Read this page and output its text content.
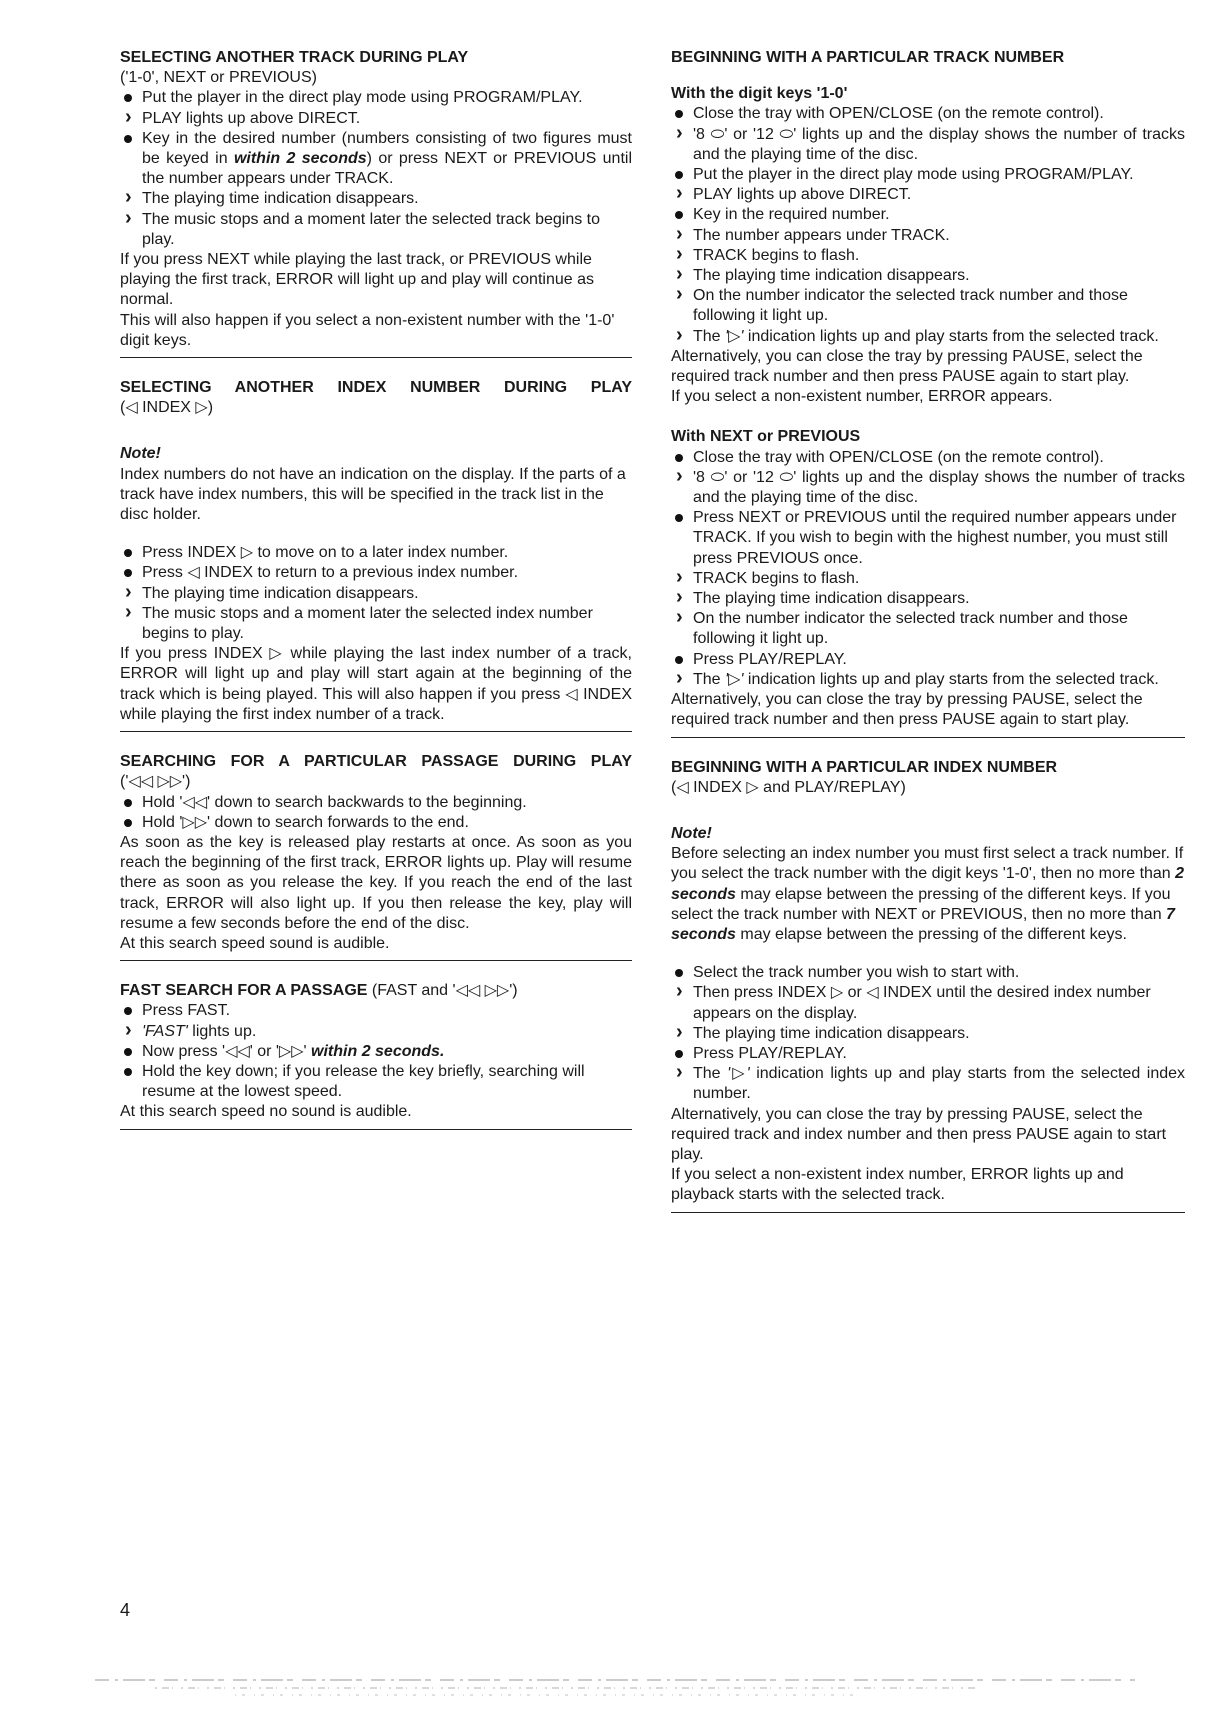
SELECTING ANOTHER TRACK DURING PLAY

('1-0', NEXT or PREVIOUS)

Put the player in the direct play mode using PROGRAM/PLAY.
PLAY lights up above DIRECT.
Key in the desired number (numbers consisting of two figures must be keyed in within 2 seconds) or press NEXT or PREVIOUS until the number appears under TRACK.
The playing time indication disappears.
The music stops and a moment later the selected track begins to play.

If you press NEXT while playing the last track, or PREVIOUS while playing the first track, ERROR will light up and play will continue as normal.

This will also happen if you select a non-existent number with the '1-0' digit keys.

SELECTING ANOTHER INDEX NUMBER DURING PLAY

(◁ INDEX ▷)

Note!

Index numbers do not have an indication on the display. If the parts of a track have index numbers, this will be specified in the track list in the disc holder.

Press INDEX ▷ to move on to a later index number.
Press ◁ INDEX to return to a previous index number.
The playing time indication disappears.
The music stops and a moment later the selected index number begins to play.

If you press INDEX ▷ while playing the last index number of a track, ERROR will light up and play will start again at the beginning of the track which is being played. This will also happen if you press ◁ INDEX while playing the first index number of a track.

SEARCHING FOR A PARTICULAR PASSAGE DURING PLAY

('◁◁ ▷▷')

Hold '◁◁' down to search backwards to the beginning.
Hold '▷▷' down to search forwards to the end.

As soon as the key is released play restarts at once. As soon as you reach the beginning of the first track, ERROR lights up. Play will resume there as soon as you release the key. If you reach the end of the last track, ERROR will also light up. If you then release the key, play will resume a few seconds before the end of the disc.

At this search speed sound is audible.

FAST SEARCH FOR A PASSAGE (FAST and '◁◁ ▷▷')

Press FAST.
'FAST' lights up.
Now press '◁◁' or '▷▷' within 2 seconds.
Hold the key down; if you release the key briefly, searching will resume at the lowest speed.

At this search speed no sound is audible.

BEGINNING WITH A PARTICULAR TRACK NUMBER

With the digit keys '1-0'

Close the tray with OPEN/CLOSE (on the remote control).
'8 ⬭' or '12 ⬭' lights up and the display shows the number of tracks and the playing time of the disc.
Put the player in the direct play mode using PROGRAM/PLAY.
PLAY lights up above DIRECT.
Key in the required number.
The number appears under TRACK.
TRACK begins to flash.
The playing time indication disappears.
On the number indicator the selected track number and those following it light up.
The '▷' indication lights up and play starts from the selected track.

Alternatively, you can close the tray by pressing PAUSE, select the required track number and then press PAUSE again to start play.

If you select a non-existent number, ERROR appears.

With NEXT or PREVIOUS

Close the tray with OPEN/CLOSE (on the remote control).
'8 ⬭' or '12 ⬭' lights up and the display shows the number of tracks and the playing time of the disc.
Press NEXT or PREVIOUS until the required number appears under TRACK. If you wish to begin with the highest number, you must still press PREVIOUS once.
TRACK begins to flash.
The playing time indication disappears.
On the number indicator the selected track number and those following it light up.
Press PLAY/REPLAY.
The '▷' indication lights up and play starts from the selected track.

Alternatively, you can close the tray by pressing PAUSE, select the required track number and then press PAUSE again to start play.

BEGINNING WITH A PARTICULAR INDEX NUMBER

(◁ INDEX ▷ and PLAY/REPLAY)

Note!

Before selecting an index number you must first select a track number. If you select the track number with the digit keys '1-0', then no more than 2 seconds may elapse between the pressing of the different keys. If you select the track number with NEXT or PREVIOUS, then no more than 7 seconds may elapse between the pressing of the different keys.

Select the track number you wish to start with.
Then press INDEX ▷ or ◁ INDEX until the desired index number appears on the display.
The playing time indication disappears.
Press PLAY/REPLAY.
The '▷' indication lights up and play starts from the selected index number.

Alternatively, you can close the tray by pressing PAUSE, select the required track and index number and then press PAUSE again to start play.

If you select a non-existent index number, ERROR lights up and playback starts with the selected track.

4
